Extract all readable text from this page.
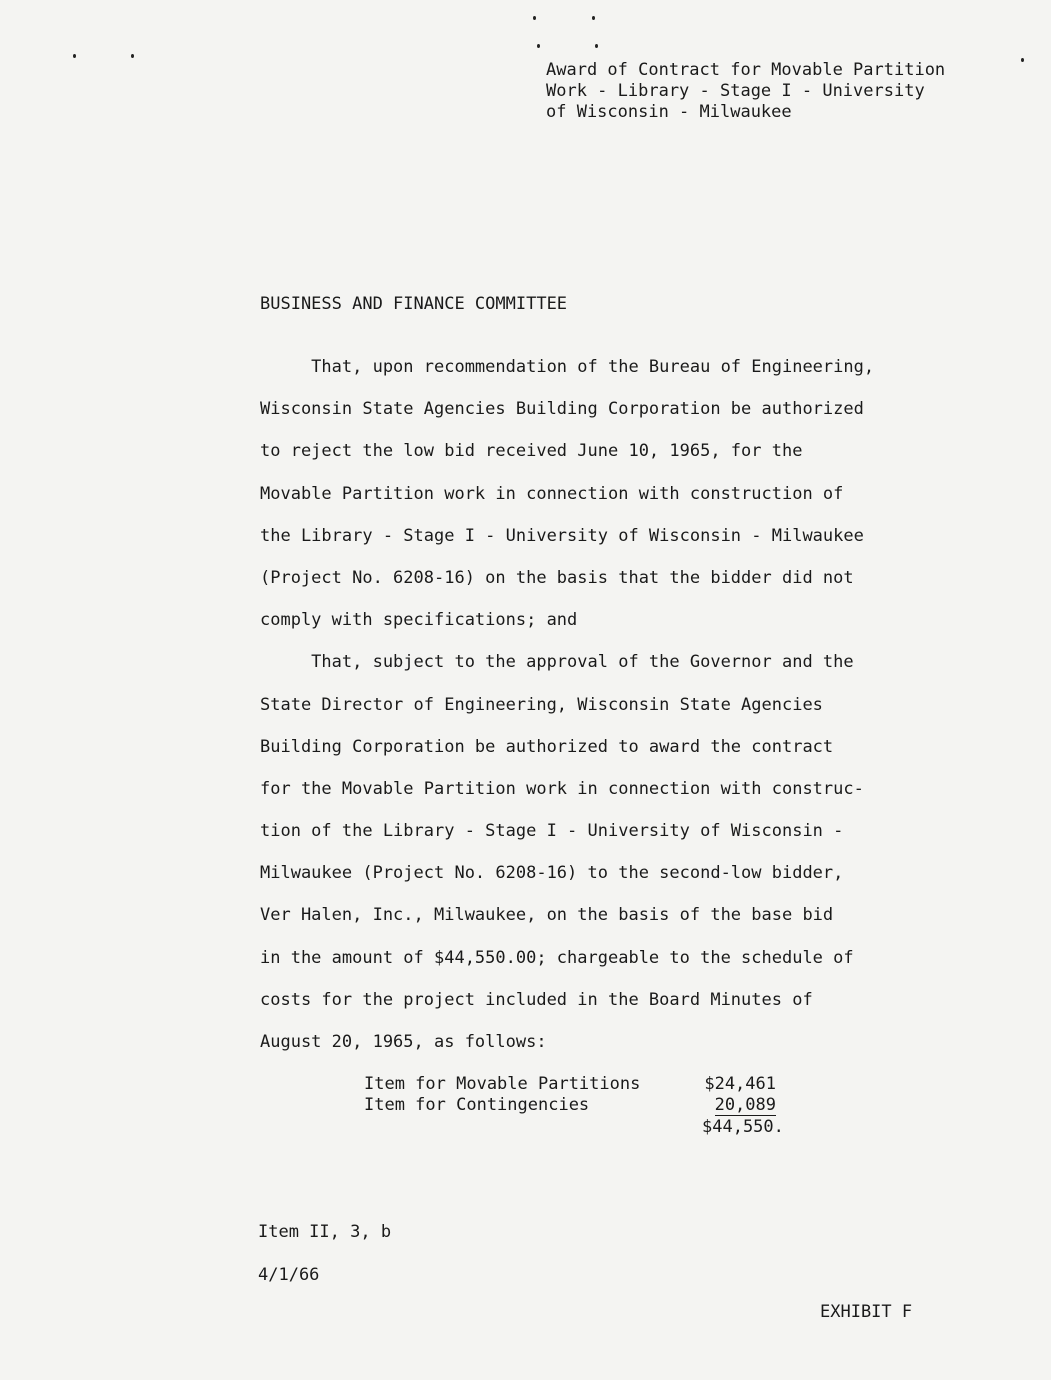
Award of Contract for Movable Partition
Work - Library - Stage I - University
of Wisconsin - Milwaukee
BUSINESS AND FINANCE COMMITTEE
That, upon recommendation of the Bureau of Engineering,
Wisconsin State Agencies Building Corporation be authorized
to reject the low bid received June 10, 1965, for the
Movable Partition work in connection with construction of
the Library - Stage I - University of Wisconsin - Milwaukee
(Project No. 6208-16) on the basis that the bidder did not
comply with specifications; and
That, subject to the approval of the Governor and the
State Director of Engineering, Wisconsin State Agencies
Building Corporation be authorized to award the contract
for the Movable Partition work in connection with construc-
tion of the Library - Stage I - University of Wisconsin -
Milwaukee (Project No. 6208-16) to the second-low bidder,
Ver Halen, Inc., Milwaukee, on the basis of the base bid
in the amount of $44,550.00; chargeable to the schedule of
costs for the project included in the Board Minutes of
August 20, 1965, as follows:
Item for Movable Partitions	$24,461
Item for Contingencies	20,089
$44,550.
Item II, 3, b
4/1/66
EXHIBIT F
